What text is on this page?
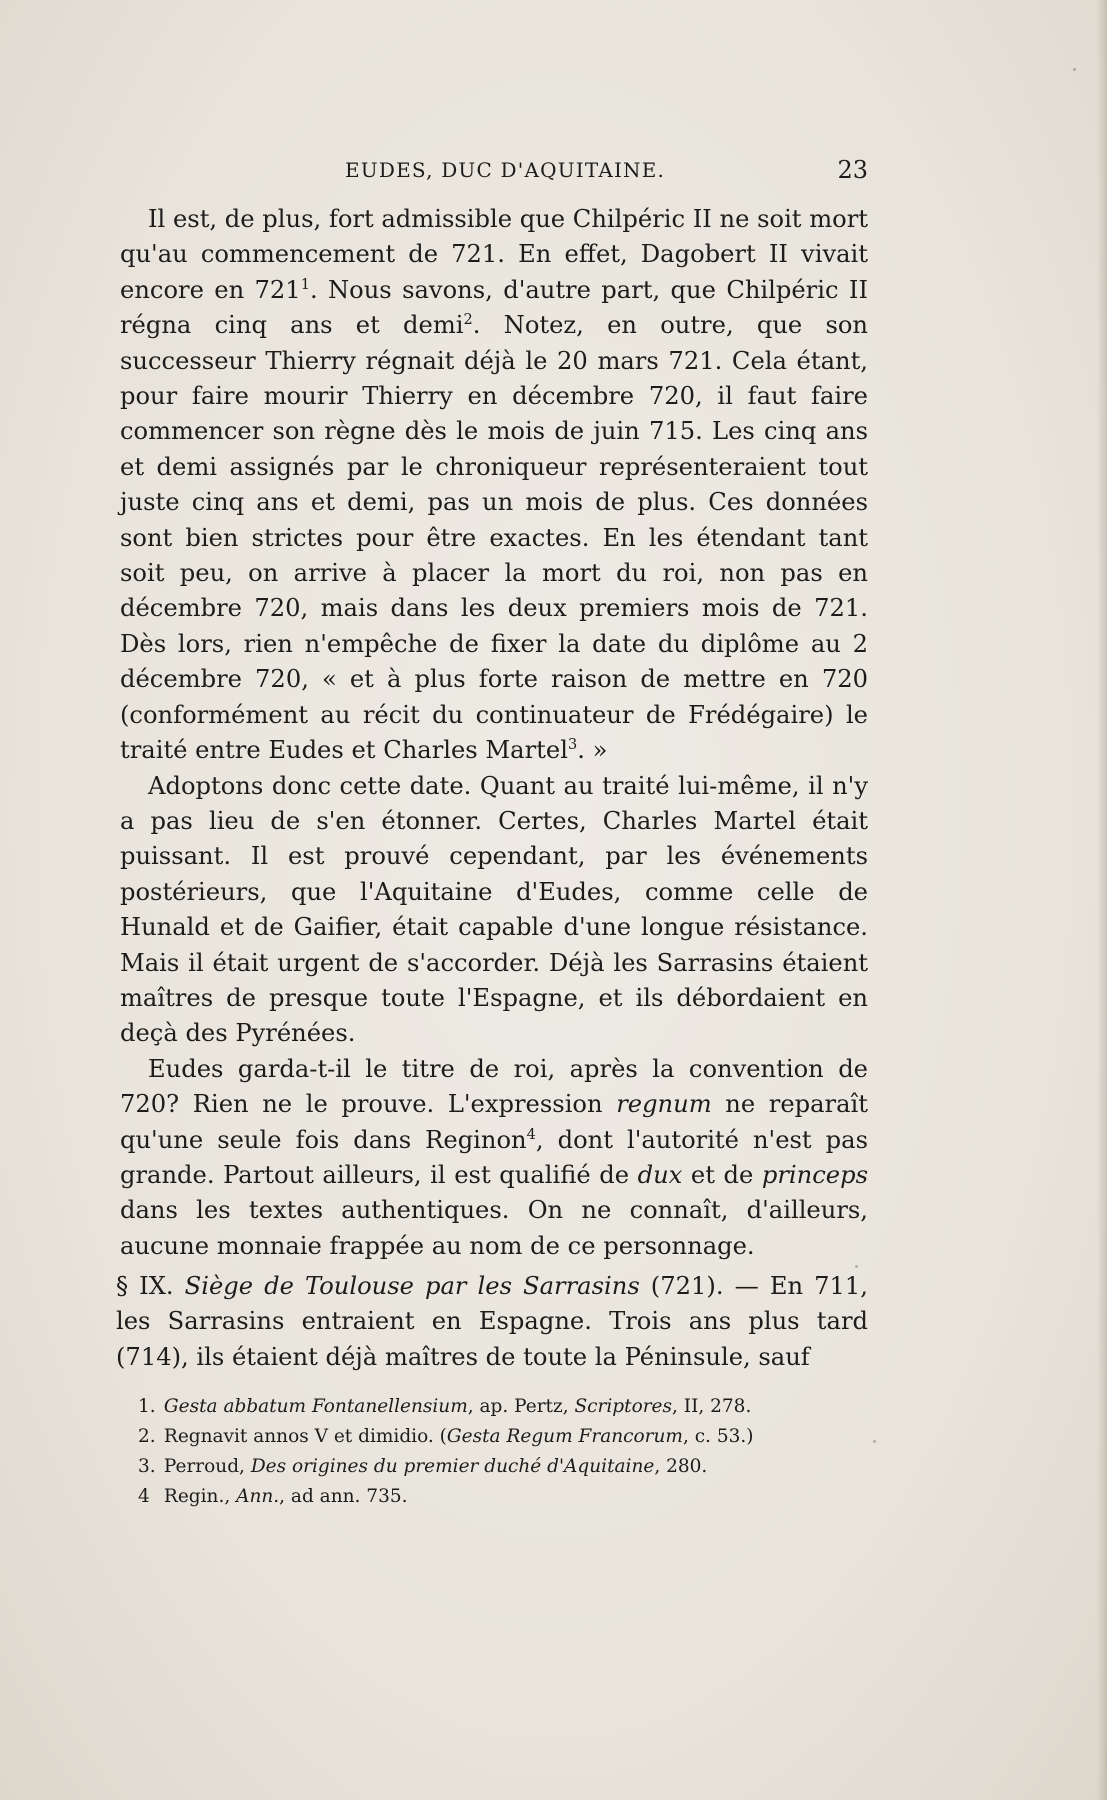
EUDES, DUC D'AQUITAINE.	23

Il est, de plus, fort admissible que Chilpéric II ne soit mort qu'au commencement de 721. En effet, Dagobert II vivait encore en $721^1$. Nous savons, d'autre part, que Chilpéric II régna cinq ans et demi$^2$. Notez, en outre, que son successeur Thierry régnait déjà le 20 mars 721. Cela étant, pour faire mourir Thierry en décembre 720, il faut faire commencer son règne dès le mois de juin 715. Les cinq ans et demi assignés par le chroniqueur représenteraient tout juste cinq ans et demi, pas un mois de plus. Ces données sont bien strictes pour être exactes. En les étendant tant soit peu, on arrive à placer la mort du roi, non pas en décembre 720, mais dans les deux premiers mois de 721. Dès lors, rien n'empêche de fixer la date du diplôme au 2 décembre 720, « et à plus forte raison de mettre en 720 (conformément au récit du continuateur de Frédégaire) le traité entre Eudes et Charles Martel$^3$. »

Adoptons donc cette date. Quant au traité lui-même, il n'y a pas lieu de s'en étonner. Certes, Charles Martel était puissant. Il est prouvé cependant, par les événements postérieurs, que l'Aquitaine d'Eudes, comme celle de Hunald et de Gaifier, était capable d'une longue résistance. Mais il était urgent de s'accorder. Déjà les Sarrasins étaient maîtres de presque toute l'Espagne, et ils débordaient en deçà des Pyrénées.

Eudes garda-t-il le titre de roi, après la convention de 720? Rien ne le prouve. L'expression regnum ne reparaît qu'une seule fois dans Reginon$^4$, dont l'autorité n'est pas grande. Partout ailleurs, il est qualifié de dux et de princeps dans les textes authentiques. On ne connaît, d'ailleurs, aucune monnaie frappée au nom de ce personnage.

§ IX. Siège de Toulouse par les Sarrasins (721). — En 711, les Sarrasins entraient en Espagne. Trois ans plus tard (714), ils étaient déjà maîtres de toute la Péninsule, sauf

1. Gesta abbatum Fontanellensium, ap. Pertz, Scriptores, II, 278.
2. Regnavit annos V et dimidio. (Gesta Regum Francorum, c. 53.)
3. Perroud, Des origines du premier duché d'Aquitaine, 280.
4 Regin., Ann., ad ann. 735.
